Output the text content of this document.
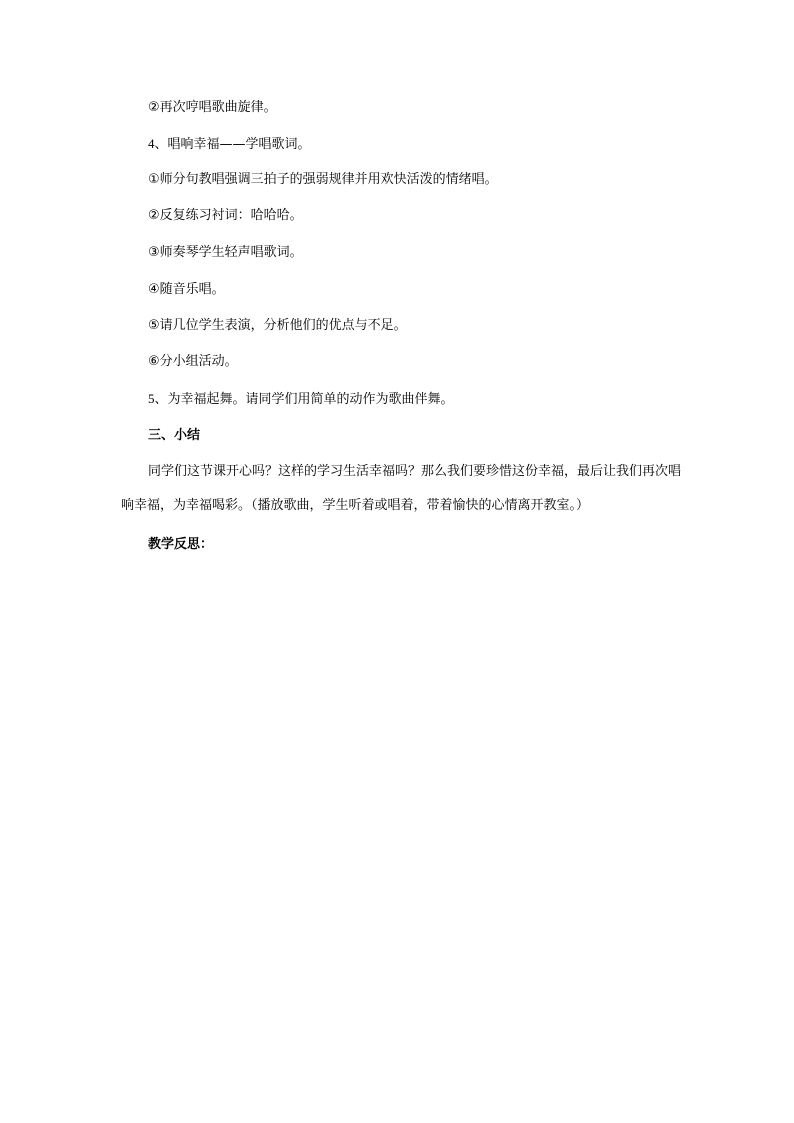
②再次哼唱歌曲旋律。
4、唱响幸福——学唱歌词。
①师分句教唱强调三拍子的强弱规律并用欢快活泼的情绪唱。
②反复练习衬词：哈哈哈。
③师奏琴学生轻声唱歌词。
④随音乐唱。
⑤请几位学生表演，分析他们的优点与不足。
⑥分小组活动。
5、为幸福起舞。请同学们用简单的动作为歌曲伴舞。
三、小结

同学们这节课开心吗？这样的学习生活幸福吗？那么我们要珍惜这份幸福，最后让我们再次唱响幸福，为幸福喝彩。（播放歌曲，学生听着或唱着，带着愉快的心情离开教室。）

教学反思：
